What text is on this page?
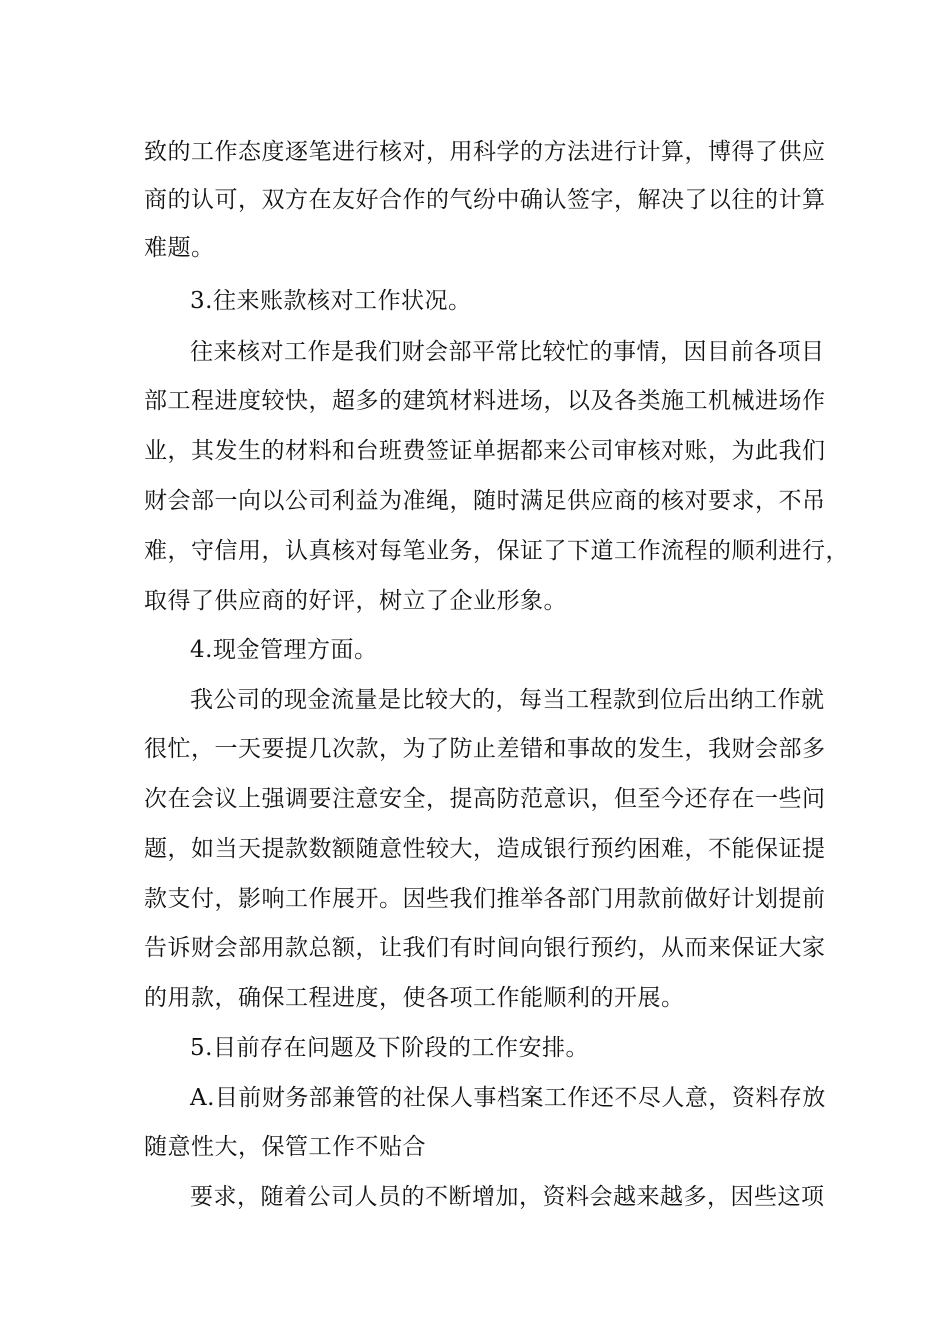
致的工作态度逐笔进行核对，用科学的方法进行计算，博得了供应
商的认可，双方在友好合作的气纷中确认签字，解决了以往的计算
难题。
3.往来账款核对工作状况。
往来核对工作是我们财会部平常比较忙的事情，因目前各项目
部工程进度较快，超多的建筑材料进场，以及各类施工机械进场作
业，其发生的材料和台班费签证单据都来公司审核对账，为此我们
财会部一向以公司利益为准绳，随时满足供应商的核对要求，不吊
难，守信用，认真核对每笔业务，保证了下道工作流程的顺利进行，
取得了供应商的好评，树立了企业形象。
4.现金管理方面。
我公司的现金流量是比较大的，每当工程款到位后出纳工作就
很忙，一天要提几次款，为了防止差错和事故的发生，我财会部多
次在会议上强调要注意安全，提高防范意识，但至今还存在一些问
题，如当天提款数额随意性较大，造成银行预约困难，不能保证提
款支付，影响工作展开。因些我们推举各部门用款前做好计划提前
告诉财会部用款总额，让我们有时间向银行预约，从而来保证大家
的用款，确保工程进度，使各项工作能顺利的开展。
5.目前存在问题及下阶段的工作安排。
A.目前财务部兼管的社保人事档案工作还不尽人意，资料存放
随意性大，保管工作不贴合
要求，随着公司人员的不断增加，资料会越来越多，因些这项
